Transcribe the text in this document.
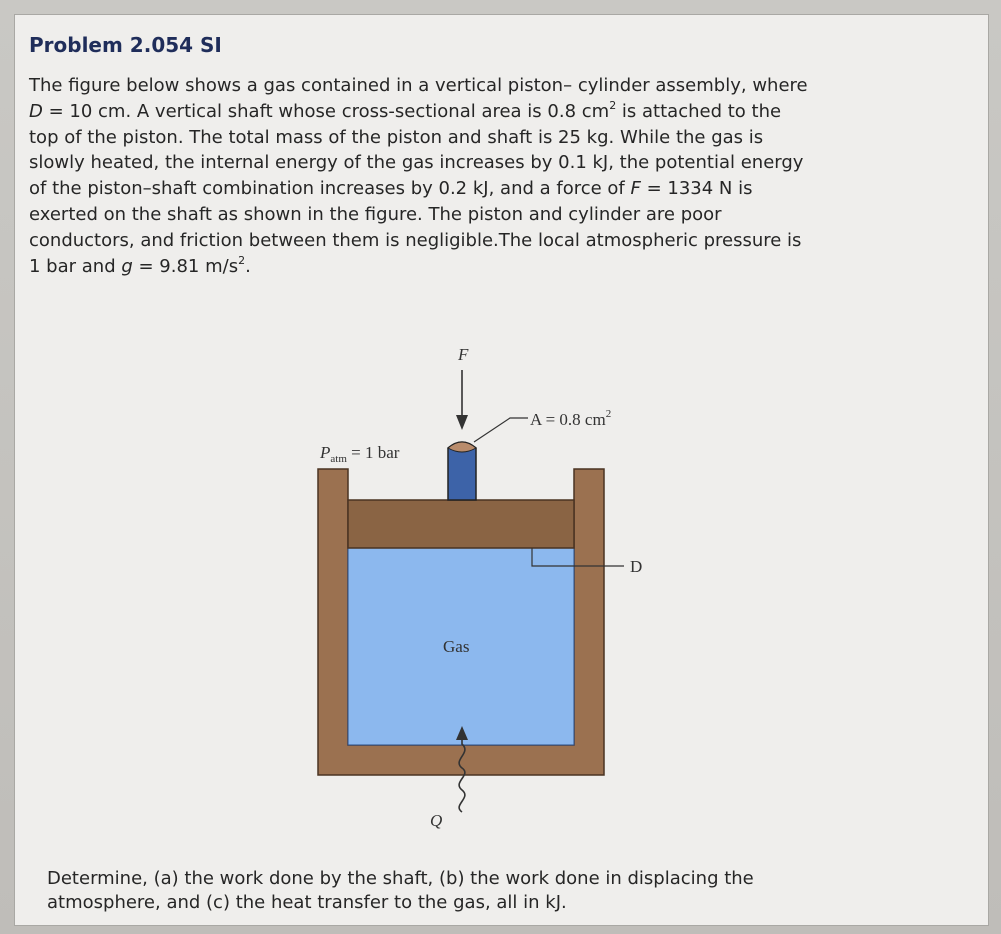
Problem 2.054 SI
The figure below shows a gas contained in a vertical piston– cylinder assembly, where
D = 10 cm. A vertical shaft whose cross-sectional area is 0.8 $cm^2$ is attached to the
top of the piston. The total mass of the piston and shaft is 25 kg. While the gas is
slowly heated, the internal energy of the gas increases by 0.1 kJ, the potential energy
of the piston–shaft combination increases by 0.2 kJ, and a force of F = 1334 N is
exerted on the shaft as shown in the figure. The piston and cylinder are poor
conductors, and friction between them is negligible.The local atmospheric pressure is
1 bar and g = 9.81 $m/s^2$.
Determine, (a) the work done by the shaft, (b) the work done in displacing the
atmosphere, and (c) the heat transfer to the gas, all in kJ.
F
A = 0.8 $cm^2$
$P_{atm} = 1$ bar
D
Gas
Q
